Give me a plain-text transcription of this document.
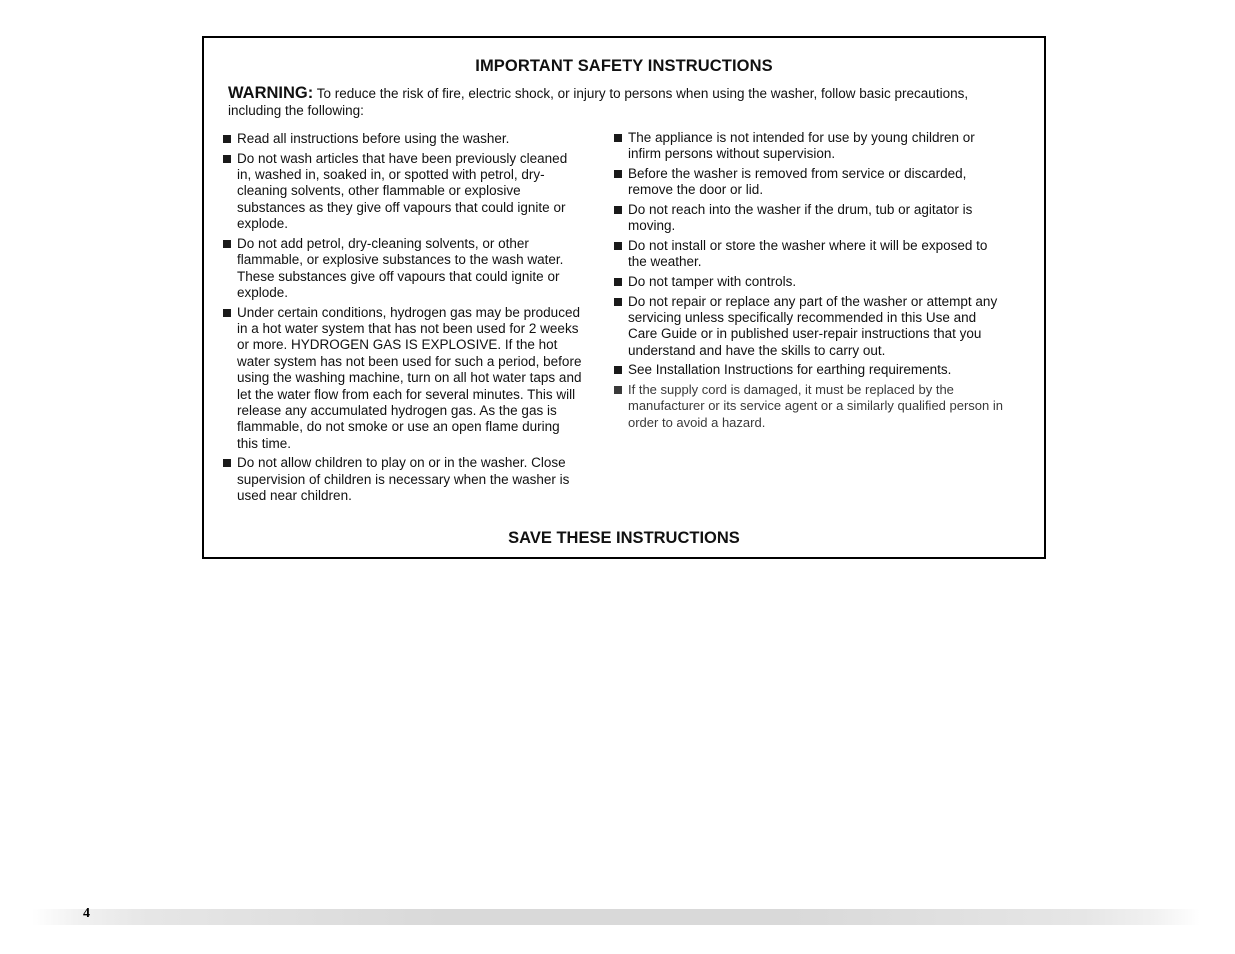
IMPORTANT SAFETY INSTRUCTIONS
WARNING: To reduce the risk of fire, electric shock, or injury to persons when using the washer, follow basic precautions, including the following:
Read all instructions before using the washer.
Do not wash articles that have been previously cleaned in, washed in, soaked in, or spotted with petrol, dry-cleaning solvents, other flammable or explosive substances as they give off vapours that could ignite or explode.
Do not add petrol, dry-cleaning solvents, or other flammable, or explosive substances to the wash water. These substances give off vapours that could ignite or explode.
Under certain conditions, hydrogen gas may be produced in a hot water system that has not been used for 2 weeks or more. HYDROGEN GAS IS EXPLOSIVE. If the hot water system has not been used for such a period, before using the washing machine, turn on all hot water taps and let the water flow from each for several minutes. This will release any accumulated hydrogen gas. As the gas is flammable, do not smoke or use an open flame during this time.
Do not allow children to play on or in the washer. Close supervision of children is necessary when the washer is used near children.
The appliance is not intended for use by young children or infirm persons without supervision.
Before the washer is removed from service or discarded, remove the door or lid.
Do not reach into the washer if the drum, tub or agitator is moving.
Do not install or store the washer where it will be exposed to the weather.
Do not tamper with controls.
Do not repair or replace any part of the washer or attempt any servicing unless specifically recommended in this Use and Care Guide or in published user-repair instructions that you understand and have the skills to carry out.
See Installation Instructions for earthing requirements.
If the supply cord is damaged, it must be replaced by the manufacturer or its service agent or a similarly qualified person in order to avoid a hazard.
SAVE THESE INSTRUCTIONS
4
